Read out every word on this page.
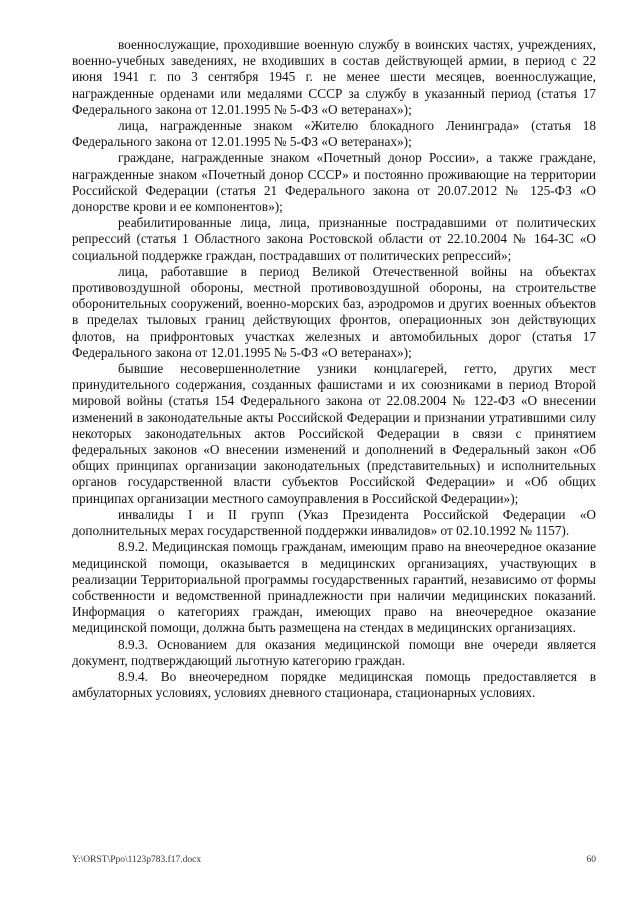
военнослужащие, проходившие военную службу в воинских частях, учреждениях, военно-учебных заведениях, не входивших в состав действующей армии, в период с 22 июня 1941 г. по 3 сентября 1945 г. не менее шести месяцев, военнослужащие, награжденные орденами или медалями СССР за службу в указанный период (статья 17 Федерального закона от 12.01.1995 № 5-ФЗ «О ветеранах»);

лица, награжденные знаком «Жителю блокадного Ленинграда» (статья 18 Федерального закона от 12.01.1995 № 5-ФЗ «О ветеранах»);

граждане, награжденные знаком «Почетный донор России», а также граждане, награжденные знаком «Почетный донор СССР» и постоянно проживающие на территории Российской Федерации (статья 21 Федерального закона от 20.07.2012 № 125-ФЗ «О донорстве крови и ее компонентов»);

реабилитированные лица, лица, признанные пострадавшими от политических репрессий (статья 1 Областного закона Ростовской области от 22.10.2004 № 164-ЗС «О социальной поддержке граждан, пострадавших от политических репрессий»;

лица, работавшие в период Великой Отечественной войны на объектах противовоздушной обороны, местной противовоздушной обороны, на строительстве оборонительных сооружений, военно-морских баз, аэродромов и других военных объектов в пределах тыловых границ действующих фронтов, операционных зон действующих флотов, на прифронтовых участках железных и автомобильных дорог (статья 17 Федерального закона от 12.01.1995 № 5-ФЗ «О ветеранах»);

бывшие несовершеннолетние узники концлагерей, гетто, других мест принудительного содержания, созданных фашистами и их союзниками в период Второй мировой войны (статья 154 Федерального закона от 22.08.2004 № 122-ФЗ «О внесении изменений в законодательные акты Российской Федерации и признании утратившими силу некоторых законодательных актов Российской Федерации в связи с принятием федеральных законов «О внесении изменений и дополнений в Федеральный закон «Об общих принципах организации законодательных (представительных) и исполнительных органов государственной власти субъектов Российской Федерации» и «Об общих принципах организации местного самоуправления в Российской Федерации»);

инвалиды I и II групп (Указ Президента Российской Федерации «О дополнительных мерах государственной поддержки инвалидов» от 02.10.1992 № 1157).

8.9.2. Медицинская помощь гражданам, имеющим право на внеочередное оказание медицинской помощи, оказывается в медицинских организациях, участвующих в реализации Территориальной программы государственных гарантий, независимо от формы собственности и ведомственной принадлежности при наличии медицинских показаний. Информация о категориях граждан, имеющих право на внеочередное оказание медицинской помощи, должна быть размещена на стендах в медицинских организациях.

8.9.3. Основанием для оказания медицинской помощи вне очереди является документ, подтверждающий льготную категорию граждан.

8.9.4. Во внеочередном порядке медицинская помощь предоставляется в амбулаторных условиях, условиях дневного стационара, стационарных условиях.

Y:\ORST\Ppo\1123p783.f17.docx	60
